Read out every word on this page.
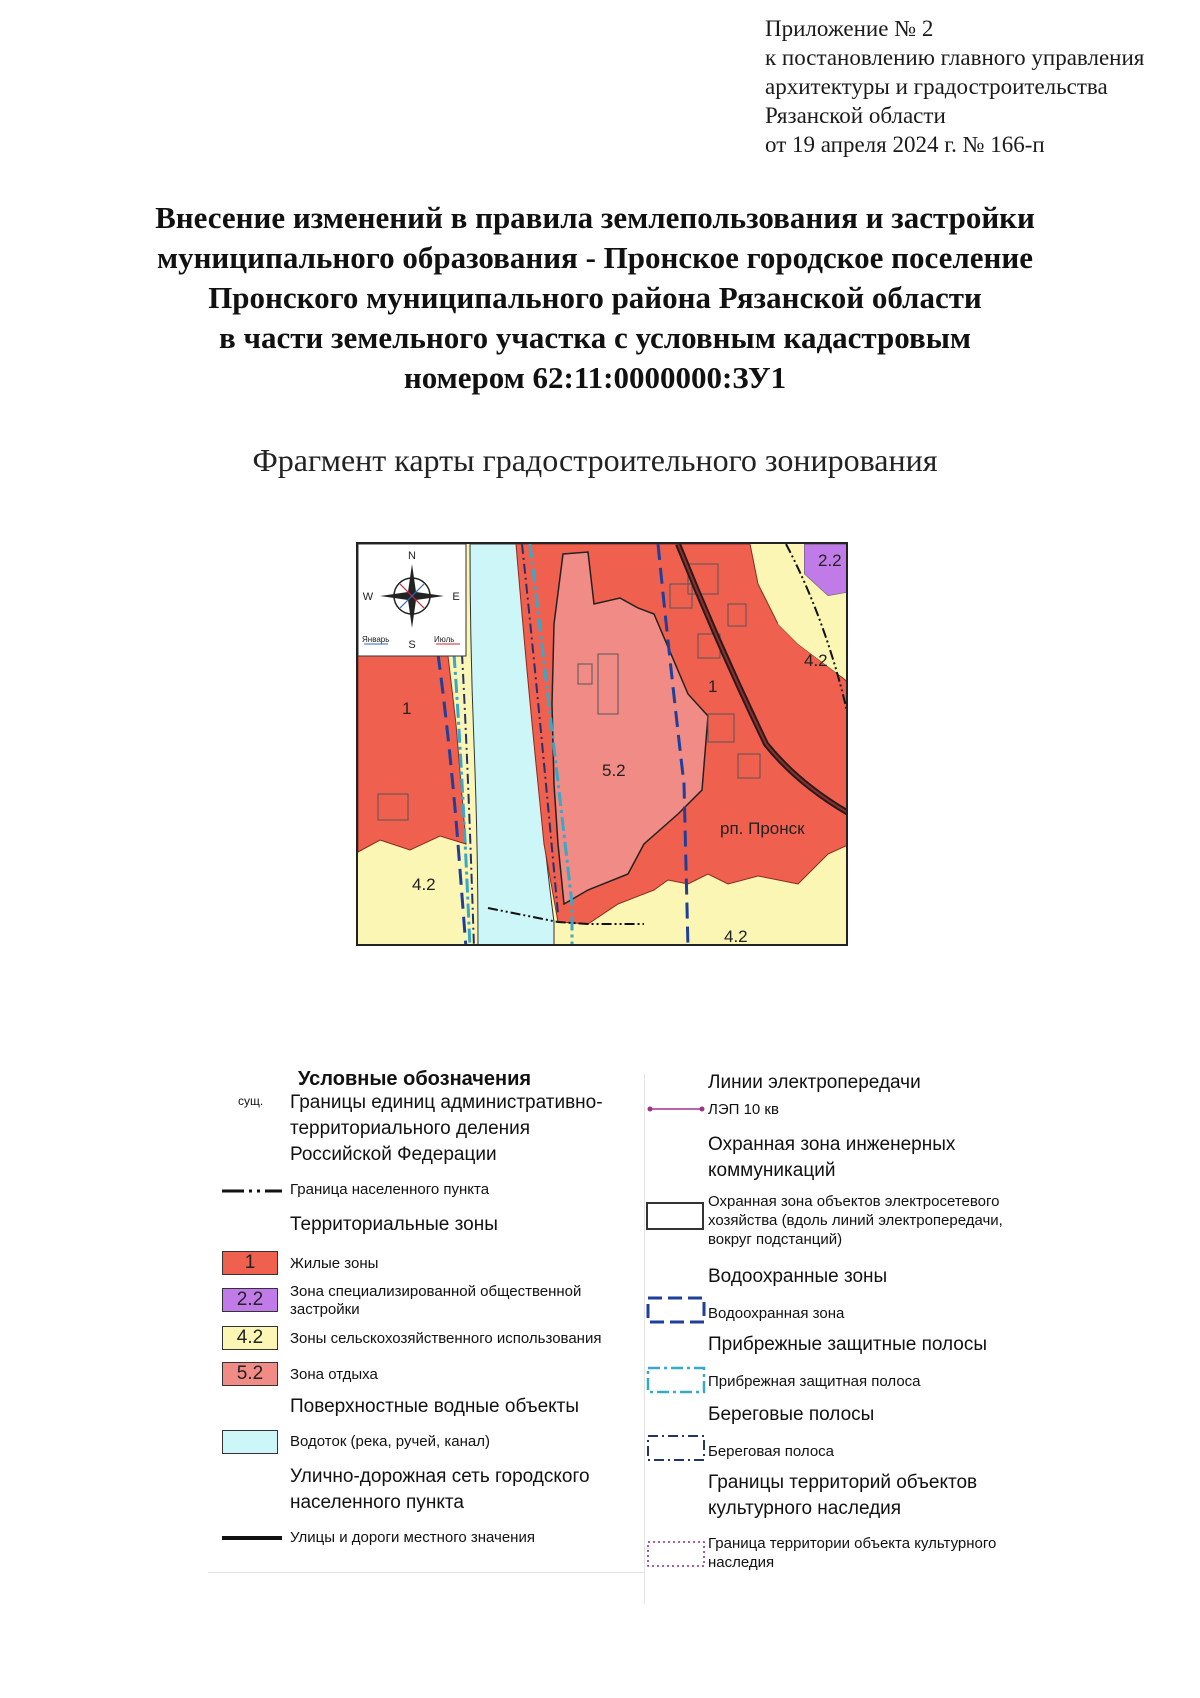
Приложение № 2
к постановлению главного управления
архитектуры и градостроительства
Рязанской области
от 19 апреля 2024 г. № 166-п
Внесение изменений в правила землепользования и застройки
муниципального образования - Пронское городское поселение
Пронского муниципального района Рязанской области
в части земельного участка с условным кадастровым
номером 62:11:0000000:ЗУ1
Фрагмент карты градостроительного зонирования
N
S
W	E
Январь	Июль
1
1
5.2
4.2
4.2
4.2
2.2
рп. Пронск
Условные обозначения
сущ. Границы единиц административно-
территориального деления
Российской Федерации
Граница населенного пункта
Территориальные зоны
1	Жилые зоны
2.2	Зона специализированной общественной
застройки
4.2	Зоны сельскохозяйственного использования
5.2	Зона отдыха
Поверхностные водные объекты
Водоток (река, ручей, канал)
Улично-дорожная сеть городского
населенного пункта
Улицы и дороги местного значения
Линии электропередачи
ЛЭП 10 кв
Охранная зона инженерных
коммуникаций
Охранная зона объектов электросетевого
хозяйства (вдоль линий электропередачи,
вокруг подстанций)
Водоохранные зоны
Водоохранная зона
Прибрежные защитные полосы
Прибрежная защитная полоса
Береговые полосы
Береговая полоса
Границы территорий объектов
культурного наследия
Граница территории объекта культурного
наследия
